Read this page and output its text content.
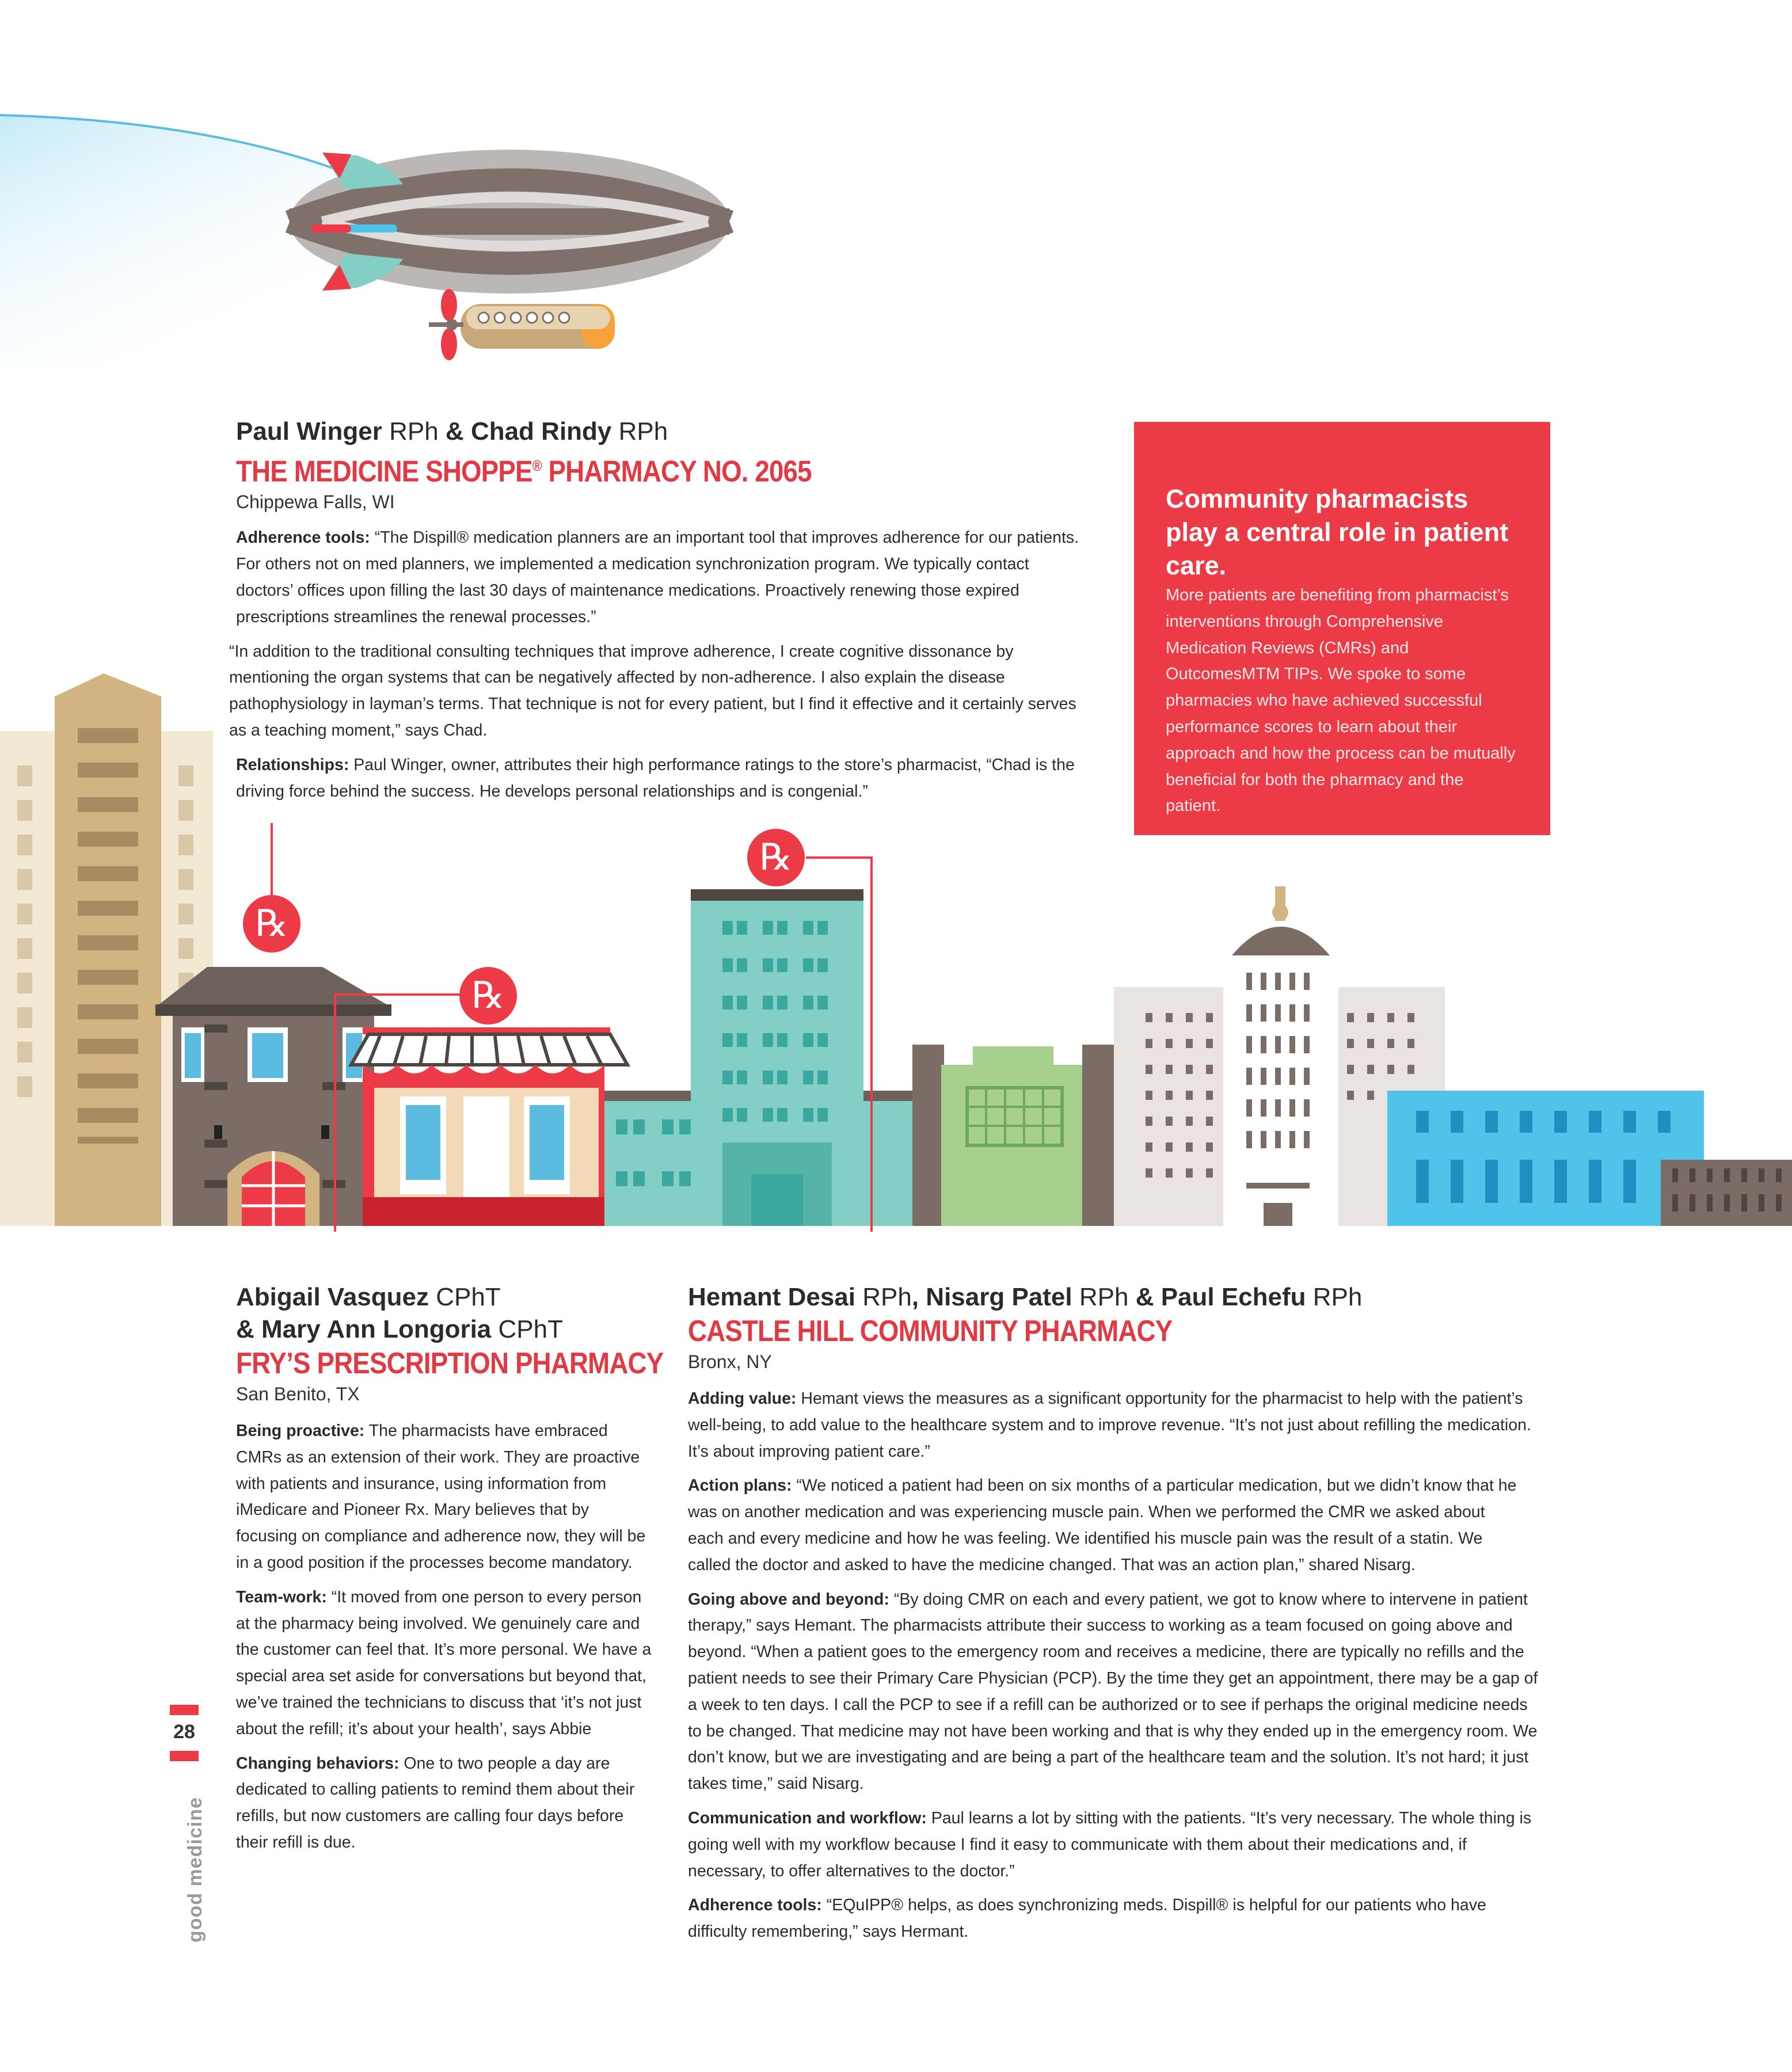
℞
℞
℞
Paul Winger RPh & Chad Rindy RPh
THE MEDICINE SHOPPE® PHARMACY NO. 2065
Chippewa Falls, WI

Adherence tools: “The Dispill® medication planners are an important tool that improves adherence for our patients. For others not on med planners, we implemented a medication synchronization program. We typically contact doctors’ offices upon filling the last 30 days of maintenance medications. Proactively renewing those expired prescriptions streamlines the renewal processes.”

“In addition to the traditional consulting techniques that improve adherence, I create cognitive dissonance by mentioning the organ systems that can be negatively affected by non-adherence. I also explain the disease pathophysiology in layman’s terms. That technique is not for every patient, but I find it effective and it certainly serves as a teaching moment,” says Chad.

Relationships: Paul Winger, owner, attributes their high performance ratings to the store’s pharmacist, “Chad is the driving force behind the success. He develops personal relationships and is congenial.”

Community pharmacists play a central role in patient care.

More patients are benefiting from pharmacist’s interventions through Comprehensive Medication Reviews (CMRs) and OutcomesMTM TIPs. We spoke to some pharmacies who have achieved successful performance scores to learn about their approach and how the process can be mutually beneficial for both the pharmacy and the patient.

Abigail Vasquez CPhT
& Mary Ann Longoria CPhT
FRY’S PRESCRIPTION PHARMACY
San Benito, TX

Being proactive: The pharmacists have embraced CMRs as an extension of their work. They are proactive with patients and insurance, using information from iMedicare and Pioneer Rx. Mary believes that by focusing on compliance and adherence now, they will be in a good position if the processes become mandatory.

Team-work: “It moved from one person to every person at the pharmacy being involved. We genuinely care and the customer can feel that. It’s more personal. We have a special area set aside for conversations but beyond that, we’ve trained the technicians to discuss that ‘it’s not just about the refill; it’s about your health’, says Abbie

Changing behaviors: One to two people a day are dedicated to calling patients to remind them about their refills, but now customers are calling four days before their refill is due.

Hemant Desai RPh, Nisarg Patel RPh & Paul Echefu RPh
CASTLE HILL COMMUNITY PHARMACY
Bronx, NY

Adding value: Hemant views the measures as a significant opportunity for the pharmacist to help with the patient’s well-being, to add value to the healthcare system and to improve revenue. “It’s not just about refilling the medication. It’s about improving patient care.”

Action plans: “We noticed a patient had been on six months of a particular medication, but we didn’t know that he was on another medication and was experiencing muscle pain. When we performed the CMR we asked about each and every medicine and how he was feeling. We identified his muscle pain was the result of a statin. We called the doctor and asked to have the medicine changed. That was an action plan,” shared Nisarg.

Going above and beyond: “By doing CMR on each and every patient, we got to know where to intervene in patient therapy,” says Hemant. The pharmacists attribute their success to working as a team focused on going above and beyond. “When a patient goes to the emergency room and receives a medicine, there are typically no refills and the patient needs to see their Primary Care Physician (PCP). By the time they get an appointment, there may be a gap of a week to ten days. I call the PCP to see if a refill can be authorized or to see if perhaps the original medicine needs to be changed. That medicine may not have been working and that is why they ended up in the emergency room. We don’t know, but we are investigating and are being a part of the healthcare team and the solution. It’s not hard; it just takes time,” said Nisarg.

Communication and workflow: Paul learns a lot by sitting with the patients. “It’s very necessary. The whole thing is going well with my workflow because I find it easy to communicate with them about their medications and, if necessary, to offer alternatives to the doctor.”

Adherence tools: “EQuIPP® helps, as does synchronizing meds. Dispill® is helpful for our patients who have difficulty remembering,” says Hermant.

28
good medicine
